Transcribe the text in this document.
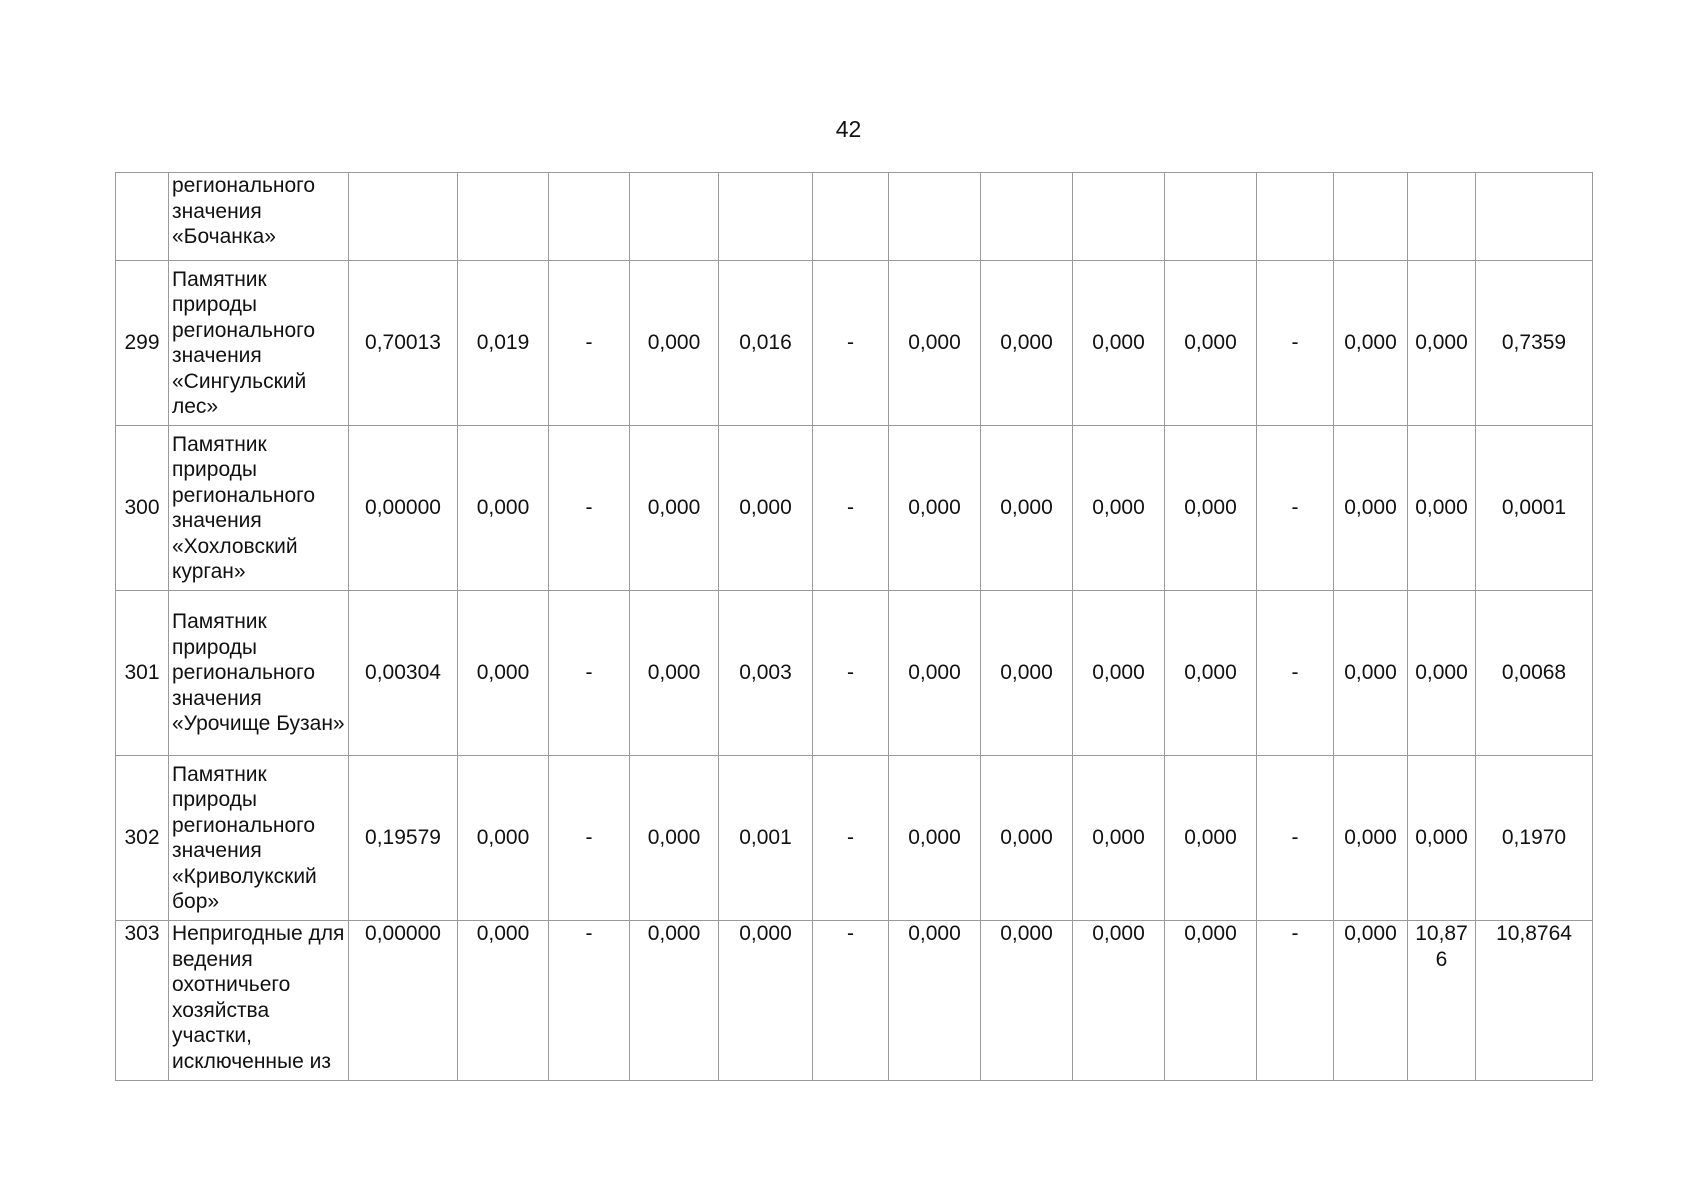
42
	регионального значения «Бочанка»														
299	Памятник природы регионального значения «Сингульский лес»	0,70013	0,019	-	0,000	0,016	-	0,000	0,000	0,000	0,000	-	0,000	0,000	0,7359
300	Памятник природы регионального значения «Хохловский курган»	0,00000	0,000	-	0,000	0,000	-	0,000	0,000	0,000	0,000	-	0,000	0,000	0,0001
301	Памятник природы регионального значения «Урочище Бузан»	0,00304	0,000	-	0,000	0,003	-	0,000	0,000	0,000	0,000	-	0,000	0,000	0,0068
302	Памятник природы регионального значения «Криволукский бор»	0,19579	0,000	-	0,000	0,001	-	0,000	0,000	0,000	0,000	-	0,000	0,000	0,1970
303	Непригодные для ведения охотничьего хозяйства участки, исключенные из	0,00000	0,000	-	0,000	0,000	-	0,000	0,000	0,000	0,000	-	0,000	10,876	10,8764
